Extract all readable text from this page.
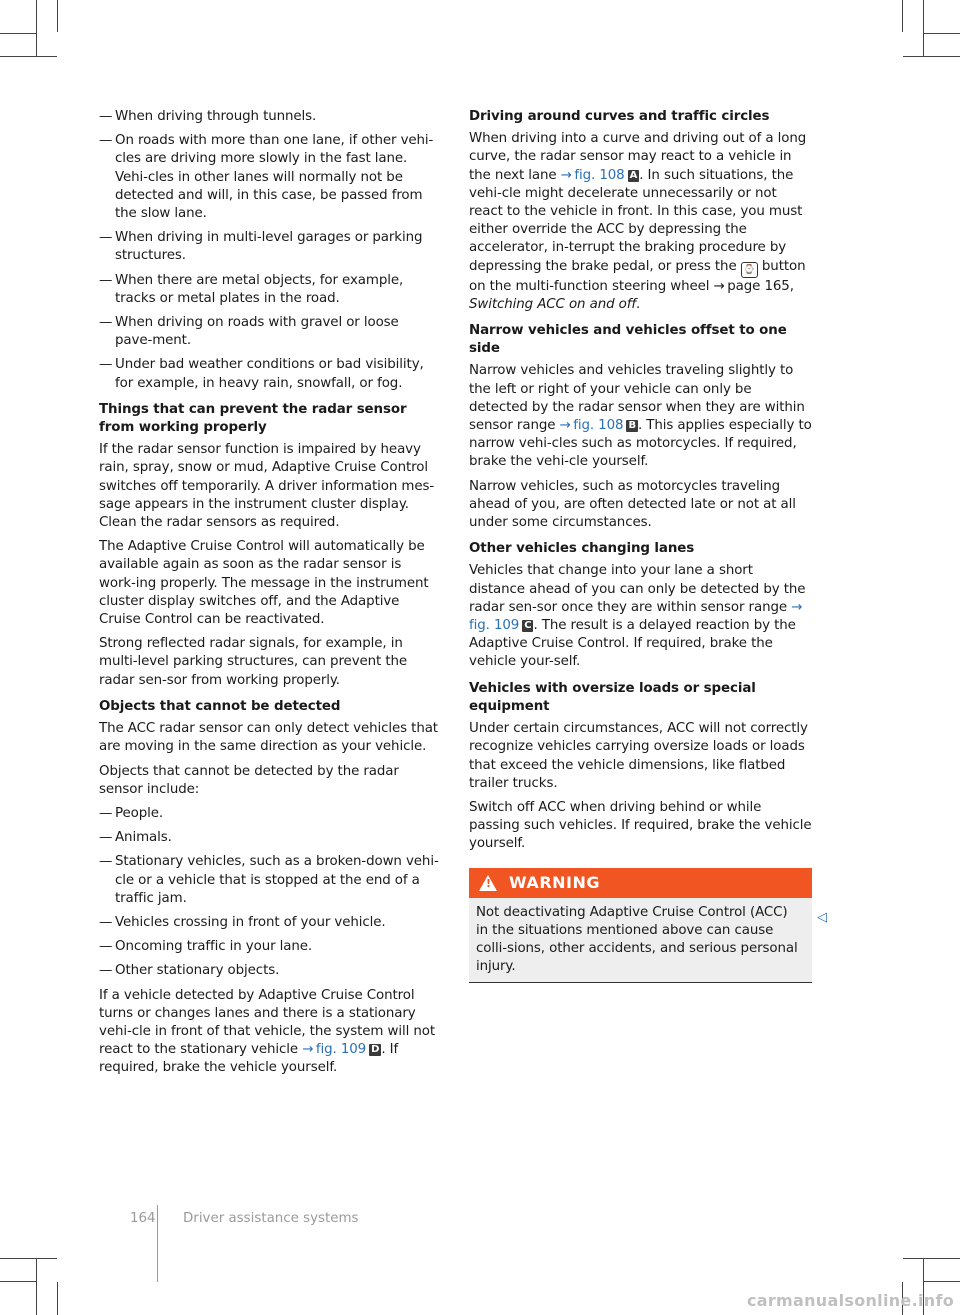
— When driving through tunnels.
— On roads with more than one lane, if other vehi-cles are driving more slowly in the fast lane. Vehi-cles in other lanes will normally not be detected and will, in this case, be passed from the slow lane.
— When driving in multi-level garages or parking structures.
— When there are metal objects, for example, tracks or metal plates in the road.
— When driving on roads with gravel or loose pave-ment.
— Under bad weather conditions or bad visibility, for example, in heavy rain, snowfall, or fog.
Things that can prevent the radar sensor from working properly

If the radar sensor function is impaired by heavy rain, spray, snow or mud, Adaptive Cruise Control switches off temporarily. A driver information mes-sage appears in the instrument cluster display. Clean the radar sensors as required.

The Adaptive Cruise Control will automatically be available again as soon as the radar sensor is work-ing properly. The message in the instrument cluster display switches off, and the Adaptive Cruise Control can be reactivated.

Strong reflected radar signals, for example, in multi-level parking structures, can prevent the radar sen-sor from working properly.

Objects that cannot be detected

The ACC radar sensor can only detect vehicles that are moving in the same direction as your vehicle.

Objects that cannot be detected by the radar sensor include:

— People.
— Animals.
— Stationary vehicles, such as a broken-down vehi-cle or a vehicle that is stopped at the end of a traffic jam.
— Vehicles crossing in front of your vehicle.
— Oncoming traffic in your lane.
— Other stationary objects.

If a vehicle detected by Adaptive Cruise Control turns or changes lanes and there is a stationary vehi-cle in front of that vehicle, the system will not react to the stationary vehicle →  fig. 109 D . If required, brake the vehicle yourself.

Driving around curves and traffic circles

When driving into a curve and driving out of a long curve, the radar sensor may react to a vehicle in the next lane →  fig. 108 A . In such situations, the vehi-cle might decelerate unnecessarily or not react to the vehicle in front. In this case, you must either override the ACC by depressing the accelerator, in-terrupt the braking procedure by depressing the brake pedal, or press the ⌚ button on the multi-function steering wheel →  page 165, Switching ACC on and off.

Narrow vehicles and vehicles offset to one side

Narrow vehicles and vehicles traveling slightly to the left or right of your vehicle can only be detected by the radar sensor when they are within sensor range →  fig. 108 B . This applies especially to narrow vehi-cles such as motorcycles. If required, brake the vehi-cle yourself.

Narrow vehicles, such as motorcycles traveling ahead of you, are often detected late or not at all under some circumstances.

Other vehicles changing lanes

Vehicles that change into your lane a short distance ahead of you can only be detected by the radar sen-sor once they are within sensor range → fig. 109 C . The result is a delayed reaction by the Adaptive Cruise Control. If required, brake the vehicle your-self.

Vehicles with oversize loads or special equipment

Under certain circumstances, ACC will not correctly recognize vehicles carrying oversize loads or loads that exceed the vehicle dimensions, like flatbed trailer trucks.

Switch off ACC when driving behind or while passing such vehicles. If required, brake the vehicle yourself.

! WARNING

Not deactivating Adaptive Cruise Control (ACC) in the situations mentioned above can cause colli-sions, other accidents, and serious personal injury.

◁
164 Driver assistance systems
carmanualsonline.info
